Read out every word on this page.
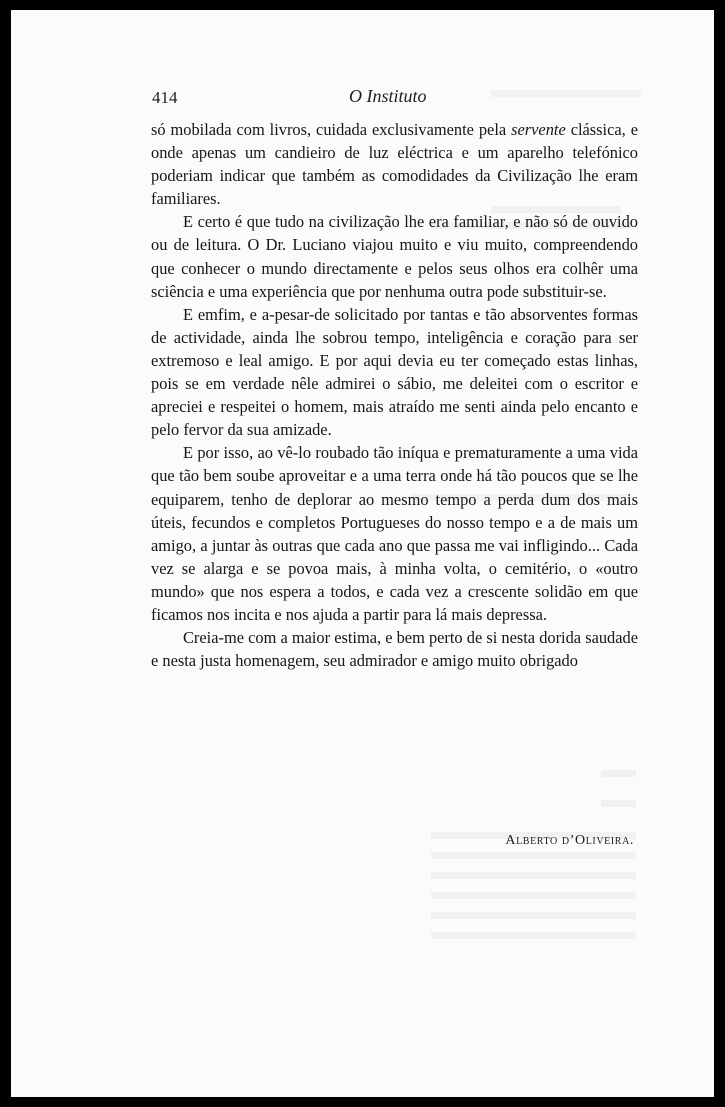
414	O Instituto

só mobilada com livros, cuidada exclusivamente pela servente clássica, e onde apenas um candieiro de luz eléctrica e um aparelho telefónico poderiam indicar que também as comodidades da Civilização lhe eram familiares.

E certo é que tudo na civilização lhe era familiar, e não só de ouvido ou de leitura. O Dr. Luciano viajou muito e viu muito, compreendendo que conhecer o mundo directamente e pelos seus olhos era colhêr uma sciência e uma experiência que por nenhuma outra pode substituir-se.

E emfim, e a-pesar-de solicitado por tantas e tão absorventes formas de actividade, ainda lhe sobrou tempo, inteligência e coração para ser extremoso e leal amigo. E por aqui devia eu ter começado estas linhas, pois se em verdade nêle admirei o sábio, me deleitei com o escritor e apreciei e respeitei o homem, mais atraído me senti ainda pelo encanto e pelo fervor da sua amizade.

E por isso, ao vê-lo roubado tão iníqua e prematuramente a uma vida que tão bem soube aproveitar e a uma terra onde há tão poucos que se lhe equiparem, tenho de deplorar ao mesmo tempo a perda dum dos mais úteis, fecundos e completos Portugueses do nosso tempo e a de mais um amigo, a juntar às outras que cada ano que passa me vai infligindo... Cada vez se alarga e se povoa mais, à minha volta, o cemitério, o «outro mundo» que nos espera a todos, e cada vez a crescente solidão em que ficamos nos incita e nos ajuda a partir para lá mais depressa.

Creia-me com a maior estima, e bem perto de si nesta dorida saudade e nesta justa homenagem, seu admirador e amigo muito obrigado

Alberto d’Oliveira.
